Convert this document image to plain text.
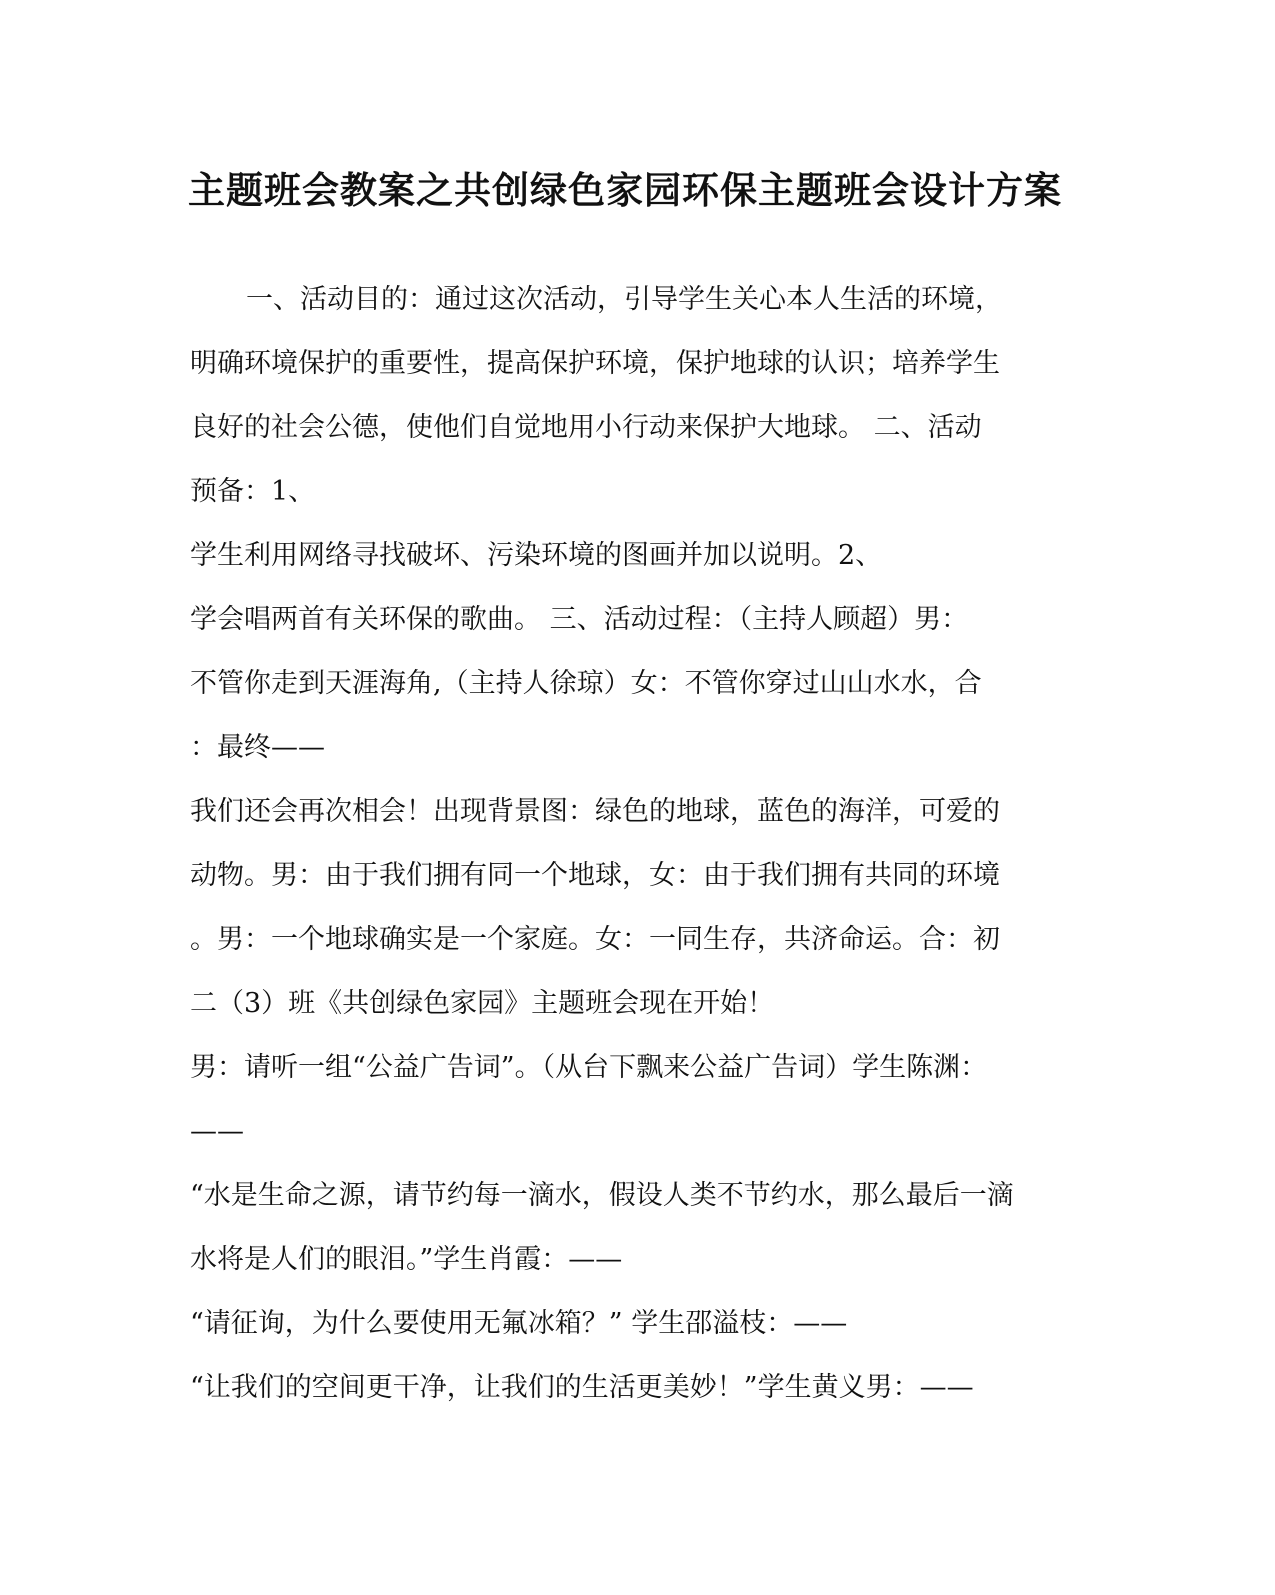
主题班会教案之共创绿色家园环保主题班会设计方案
一、活动目的：通过这次活动，引导学生关心本人生活的环境，
明确环境保护的重要性，提高保护环境，保护地球的认识；培养学生
良好的社会公德，使他们自觉地用小行动来保护大地球。 二、活动
预备：1、
学生利用网络寻找破坏、污染环境的图画并加以说明。2、
学会唱两首有关环保的歌曲。 三、活动过程：（主持人顾超）男：
不管你走到天涯海角,（主持人徐琼）女：不管你穿过山山水水，合
：最终——
我们还会再次相会！出现背景图：绿色的地球，蓝色的海洋，可爱的
动物。男：由于我们拥有同一个地球，女：由于我们拥有共同的环境
。男：一个地球确实是一个家庭。女：一同生存，共济命运。合：初
二（3）班《共创绿色家园》主题班会现在开始！
男：请听一组“公益广告词”。（从台下飘来公益广告词）学生陈渊：
——
“水是生命之源，请节约每一滴水，假设人类不节约水，那么最后一滴
水将是人们的眼泪。”学生肖霞：——
“请征询，为什么要使用无氟冰箱？” 学生邵溢枝：——
“让我们的空间更干净，让我们的生活更美妙！”学生黄义男：——
